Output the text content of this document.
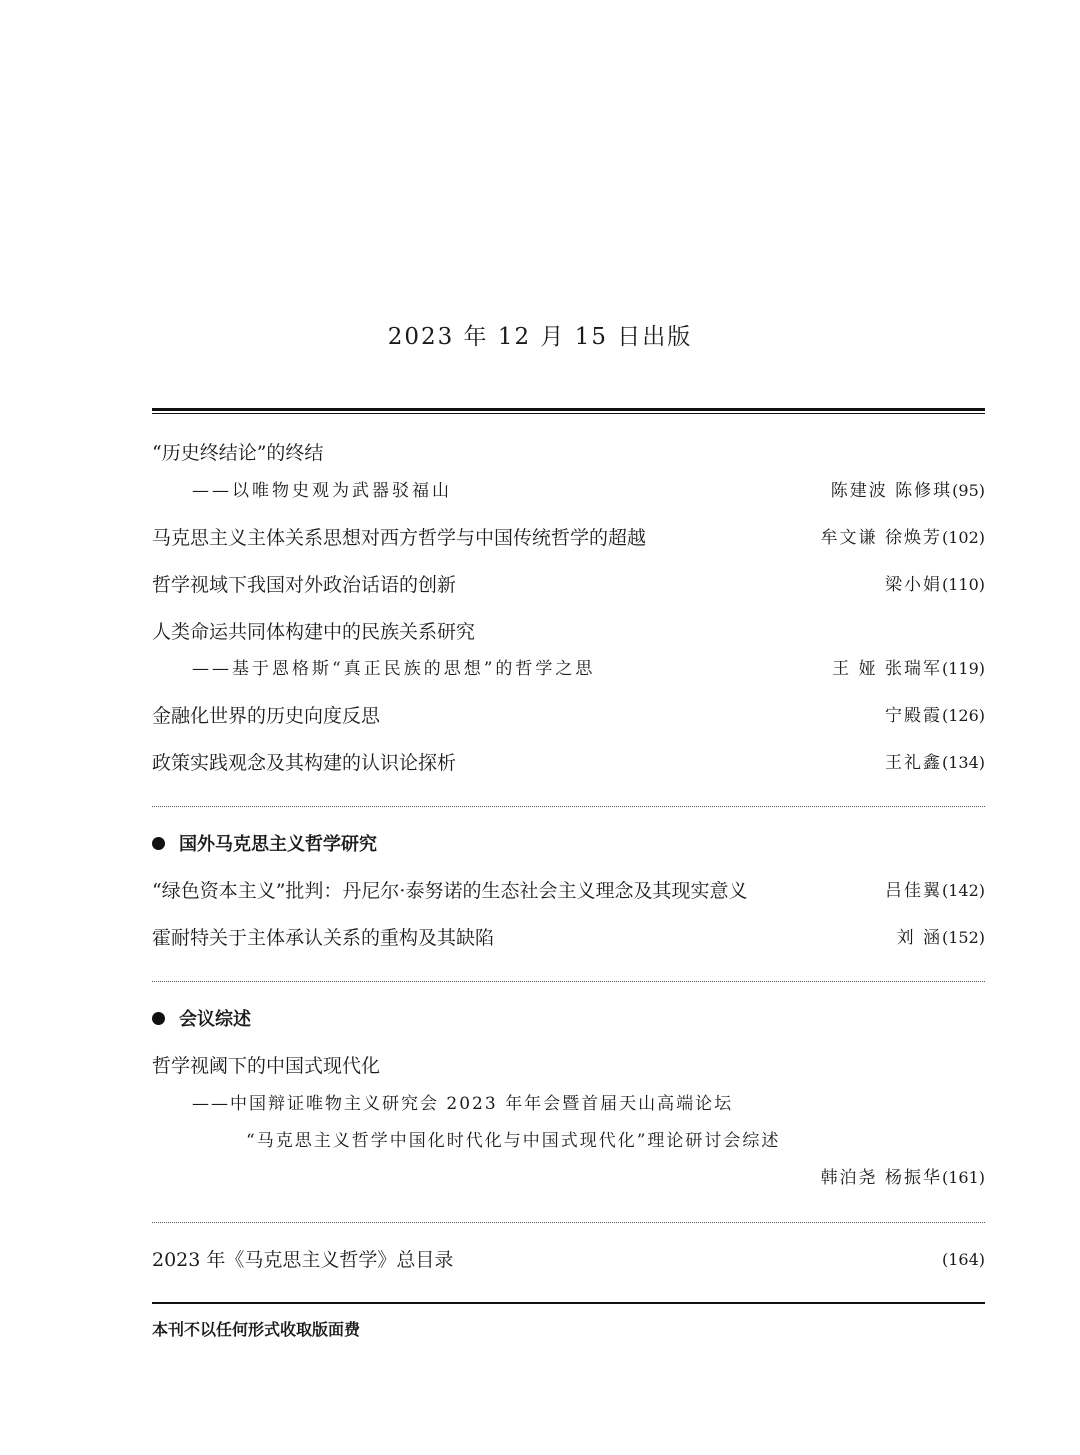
2023 年 12 月 15 日出版
“历史终结论”的终结
——以唯物史观为武器驳福山	陈建波 陈修琪(95)
马克思主义主体关系思想对西方哲学与中国传统哲学的超越	牟文谦 徐焕芳(102)
哲学视域下我国对外政治话语的创新	梁小娟(110)
人类命运共同体构建中的民族关系研究
——基于恩格斯“真正民族的思想”的哲学之思	王 娅 张瑞军(119)
金融化世界的历史向度反思	宁殿霞(126)
政策实践观念及其构建的认识论探析	王礼鑫(134)
国外马克思主义哲学研究
“绿色资本主义”批判：丹尼尔·泰努诺的生态社会主义理念及其现实意义	吕佳翼(142)
霍耐特关于主体承认关系的重构及其缺陷	刘 涵(152)
会议综述
哲学视阈下的中国式现代化
——中国辩证唯物主义研究会 2023 年年会暨首届天山高端论坛
“马克思主义哲学中国化时代化与中国式现代化”理论研讨会综述
韩泊尧 杨振华(161)
2023 年《马克思主义哲学》总目录	(164)
本刊不以任何形式收取版面费
